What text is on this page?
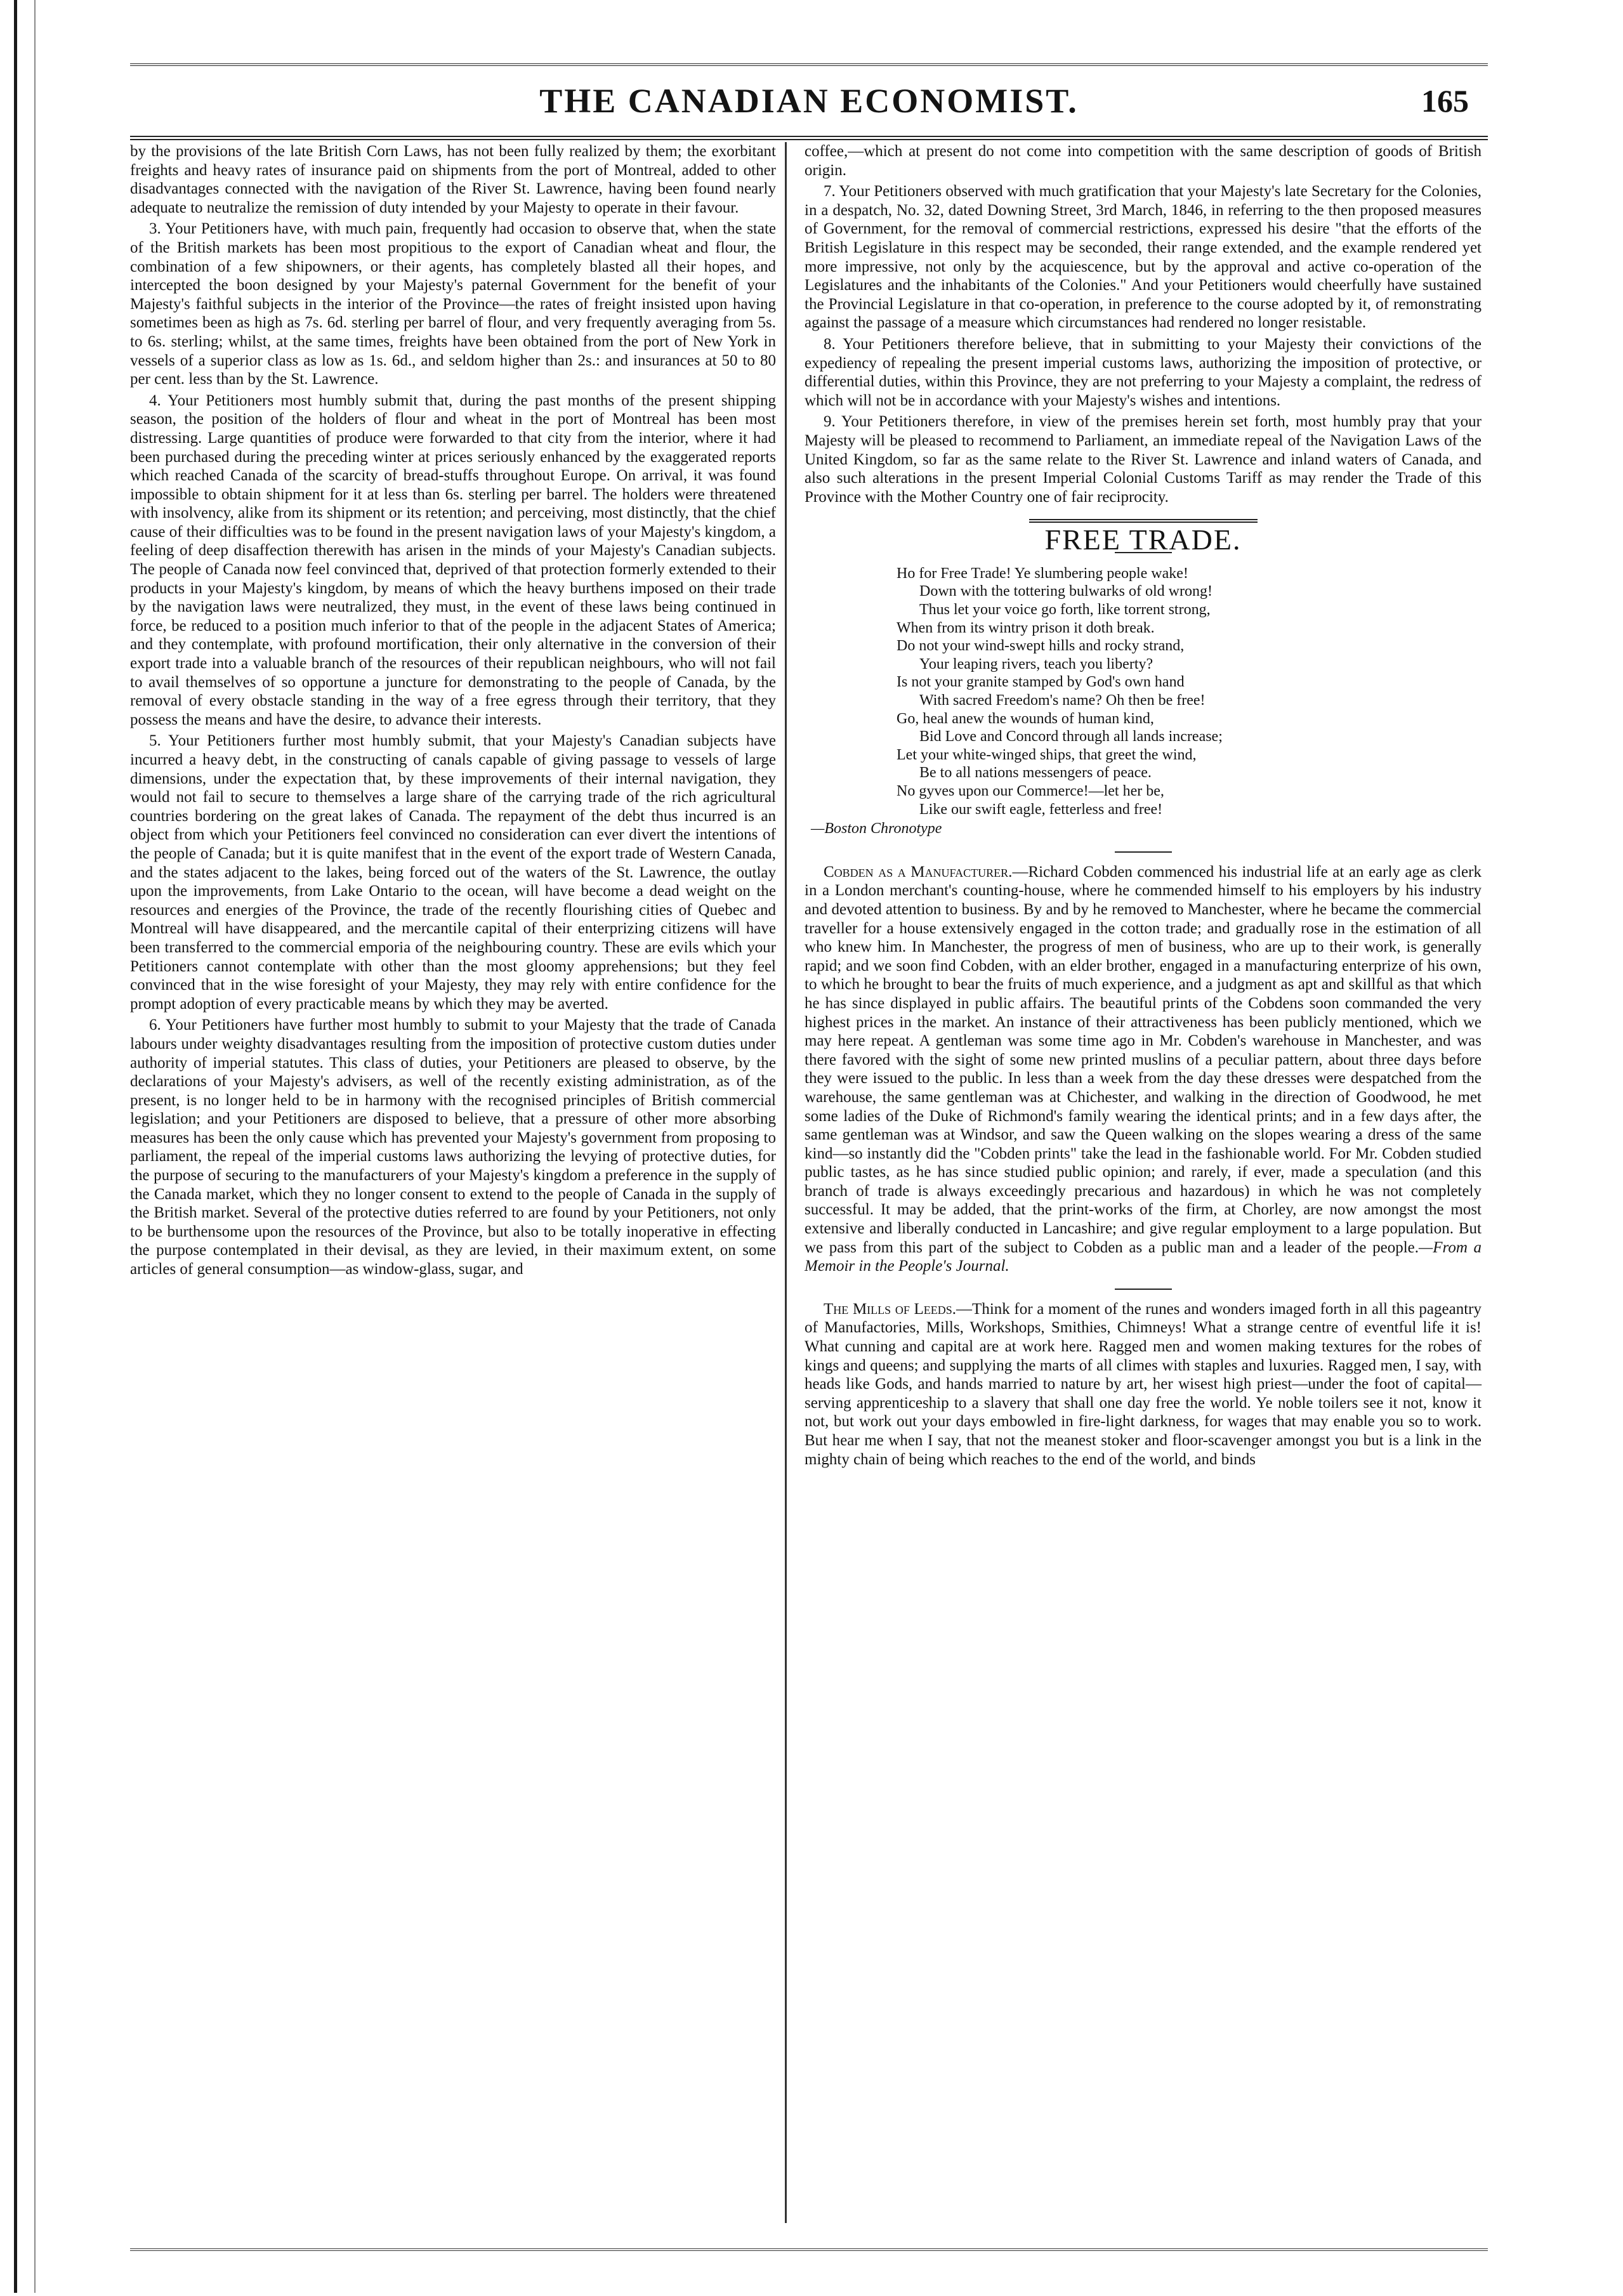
THE CANADIAN ECONOMIST.	165

by the provisions of the late British Corn Laws, has not been fully realized by them; the exorbitant freights and heavy rates of insurance paid on shipments from the port of Montreal, added to other disadvantages connected with the navigation of the River St. Lawrence, having been found nearly adequate to neutralize the remission of duty intended by your Majesty to operate in their favour.

3. Your Petitioners have, with much pain, frequently had occasion to observe that, when the state of the British markets has been most propitious to the export of Canadian wheat and flour, the combination of a few shipowners, or their agents, has completely blasted all their hopes, and intercepted the boon designed by your Majesty's paternal Government for the benefit of your Majesty's faithful subjects in the interior of the Province—the rates of freight insisted upon having sometimes been as high as 7s. 6d. sterling per barrel of flour, and very frequently averaging from 5s. to 6s. sterling; whilst, at the same times, freights have been obtained from the port of New York in vessels of a superior class as low as 1s. 6d., and seldom higher than 2s.: and insurances at 50 to 80 per cent. less than by the St. Lawrence.

4. Your Petitioners most humbly submit that, during the past months of the present shipping season, the position of the holders of flour and wheat in the port of Montreal has been most distressing. Large quantities of produce were forwarded to that city from the interior, where it had been purchased during the preceding winter at prices seriously enhanced by the exaggerated reports which reached Canada of the scarcity of bread-stuffs throughout Europe. On arrival, it was found impossible to obtain shipment for it at less than 6s. sterling per barrel. The holders were threatened with insolvency, alike from its shipment or its retention; and perceiving, most distinctly, that the chief cause of their difficulties was to be found in the present navigation laws of your Majesty's kingdom, a feeling of deep disaffection therewith has arisen in the minds of your Majesty's Canadian subjects. The people of Canada now feel convinced that, deprived of that protection formerly extended to their products in your Majesty's kingdom, by means of which the heavy burthens imposed on their trade by the navigation laws were neutralized, they must, in the event of these laws being continued in force, be reduced to a position much inferior to that of the people in the adjacent States of America; and they contemplate, with profound mortification, their only alternative in the conversion of their export trade into a valuable branch of the resources of their republican neighbours, who will not fail to avail themselves of so opportune a juncture for demonstrating to the people of Canada, by the removal of every obstacle standing in the way of a free egress through their territory, that they possess the means and have the desire, to advance their interests.

5. Your Petitioners further most humbly submit, that your Majesty's Canadian subjects have incurred a heavy debt, in the constructing of canals capable of giving passage to vessels of large dimensions, under the expectation that, by these improvements of their internal navigation, they would not fail to secure to themselves a large share of the carrying trade of the rich agricultural countries bordering on the great lakes of Canada. The repayment of the debt thus incurred is an object from which your Petitioners feel convinced no consideration can ever divert the intentions of the people of Canada; but it is quite manifest that in the event of the export trade of Western Canada, and the states adjacent to the lakes, being forced out of the waters of the St. Lawrence, the outlay upon the improvements, from Lake Ontario to the ocean, will have become a dead weight on the resources and energies of the Province, the trade of the recently flourishing cities of Quebec and Montreal will have disappeared, and the mercantile capital of their enterprizing citizens will have been transferred to the commercial emporia of the neighbouring country. These are evils which your Petitioners cannot contemplate with other than the most gloomy apprehensions; but they feel convinced that in the wise foresight of your Majesty, they may rely with entire confidence for the prompt adoption of every practicable means by which they may be averted.

6. Your Petitioners have further most humbly to submit to your Majesty that the trade of Canada labours under weighty disadvantages resulting from the imposition of protective custom duties under authority of imperial statutes. This class of duties, your Petitioners are pleased to observe, by the declarations of your Majesty's advisers, as well of the recently existing administration, as of the present, is no longer held to be in harmony with the recognised principles of British commercial legislation; and your Petitioners are disposed to believe, that a pressure of other more absorbing measures has been the only cause which has prevented your Majesty's government from proposing to parliament, the repeal of the imperial customs laws authorizing the levying of protective duties, for the purpose of securing to the manufacturers of your Majesty's kingdom a preference in the supply of the Canada market, which they no longer consent to extend to the people of Canada in the supply of the British market. Several of the protective duties referred to are found by your Petitioners, not only to be burthensome upon the resources of the Province, but also to be totally inoperative in effecting the purpose contemplated in their devisal, as they are levied, in their maximum extent, on some articles of general consumption—as window-glass, sugar, and

coffee,—which at present do not come into competition with the same description of goods of British origin.

7. Your Petitioners observed with much gratification that your Majesty's late Secretary for the Colonies, in a despatch, No. 32, dated Downing Street, 3rd March, 1846, in referring to the then proposed measures of Government, for the removal of commercial restrictions, expressed his desire "that the efforts of the British Legislature in this respect may be seconded, their range extended, and the example rendered yet more impressive, not only by the acquiescence, but by the approval and active co-operation of the Legislatures and the inhabitants of the Colonies." And your Petitioners would cheerfully have sustained the Provincial Legislature in that co-operation, in preference to the course adopted by it, of remonstrating against the passage of a measure which circumstances had rendered no longer resistable.

8. Your Petitioners therefore believe, that in submitting to your Majesty their convictions of the expediency of repealing the present imperial customs laws, authorizing the imposition of protective, or differential duties, within this Province, they are not preferring to your Majesty a complaint, the redress of which will not be in accordance with your Majesty's wishes and intentions.

9. Your Petitioners therefore, in view of the premises herein set forth, most humbly pray that your Majesty will be pleased to recommend to Parliament, an immediate repeal of the Navigation Laws of the United Kingdom, so far as the same relate to the River St. Lawrence and inland waters of Canada, and also such alterations in the present Imperial Colonial Customs Tariff as may render the Trade of this Province with the Mother Country one of fair reciprocity.

FREE TRADE.
Ho for Free Trade! Ye slumbering people wake!
Down with the tottering bulwarks of old wrong!
Thus let your voice go forth, like torrent strong,
When from its wintry prison it doth break.
Do not your wind-swept hills and rocky strand,
Your leaping rivers, teach you liberty?
Is not your granite stamped by God's own hand
With sacred Freedom's name? Oh then be free!
Go, heal anew the wounds of human kind,
Bid Love and Concord through all lands increase;
Let your white-winged ships, that greet the wind,
Be to all nations messengers of peace.
No gyves upon our Commerce!—let her be,
Like our swift eagle, fetterless and free!
—Boston Chronotype

Cobden as a Manufacturer.—Richard Cobden commenced his industrial life at an early age as clerk in a London merchant's counting-house, where he commended himself to his employers by his industry and devoted attention to business. By and by he removed to Manchester, where he became the commercial traveller for a house extensively engaged in the cotton trade; and gradually rose in the estimation of all who knew him. In Manchester, the progress of men of business, who are up to their work, is generally rapid; and we soon find Cobden, with an elder brother, engaged in a manufacturing enterprize of his own, to which he brought to bear the fruits of much experience, and a judgment as apt and skillful as that which he has since displayed in public affairs. The beautiful prints of the Cobdens soon commanded the very highest prices in the market. An instance of their attractiveness has been publicly mentioned, which we may here repeat. A gentleman was some time ago in Mr. Cobden's warehouse in Manchester, and was there favored with the sight of some new printed muslins of a peculiar pattern, about three days before they were issued to the public. In less than a week from the day these dresses were despatched from the warehouse, the same gentleman was at Chichester, and walking in the direction of Goodwood, he met some ladies of the Duke of Richmond's family wearing the identical prints; and in a few days after, the same gentleman was at Windsor, and saw the Queen walking on the slopes wearing a dress of the same kind—so instantly did the "Cobden prints" take the lead in the fashionable world. For Mr. Cobden studied public tastes, as he has since studied public opinion; and rarely, if ever, made a speculation (and this branch of trade is always exceedingly precarious and hazardous) in which he was not completely successful. It may be added, that the print-works of the firm, at Chorley, are now amongst the most extensive and liberally conducted in Lancashire; and give regular employment to a large population. But we pass from this part of the subject to Cobden as a public man and a leader of the people.—From a Memoir in the People's Journal.

The Mills of Leeds.—Think for a moment of the runes and wonders imaged forth in all this pageantry of Manufactories, Mills, Workshops, Smithies, Chimneys! What a strange centre of eventful life it is! What cunning and capital are at work here. Ragged men and women making textures for the robes of kings and queens; and supplying the marts of all climes with staples and luxuries. Ragged men, I say, with heads like Gods, and hands married to nature by art, her wisest high priest—under the foot of capital—serving apprenticeship to a slavery that shall one day free the world. Ye noble toilers see it not, know it not, but work out your days embowled in fire-light darkness, for wages that may enable you so to work. But hear me when I say, that not the meanest stoker and floor-scavenger amongst you but is a link in the mighty chain of being which reaches to the end of the world, and binds
